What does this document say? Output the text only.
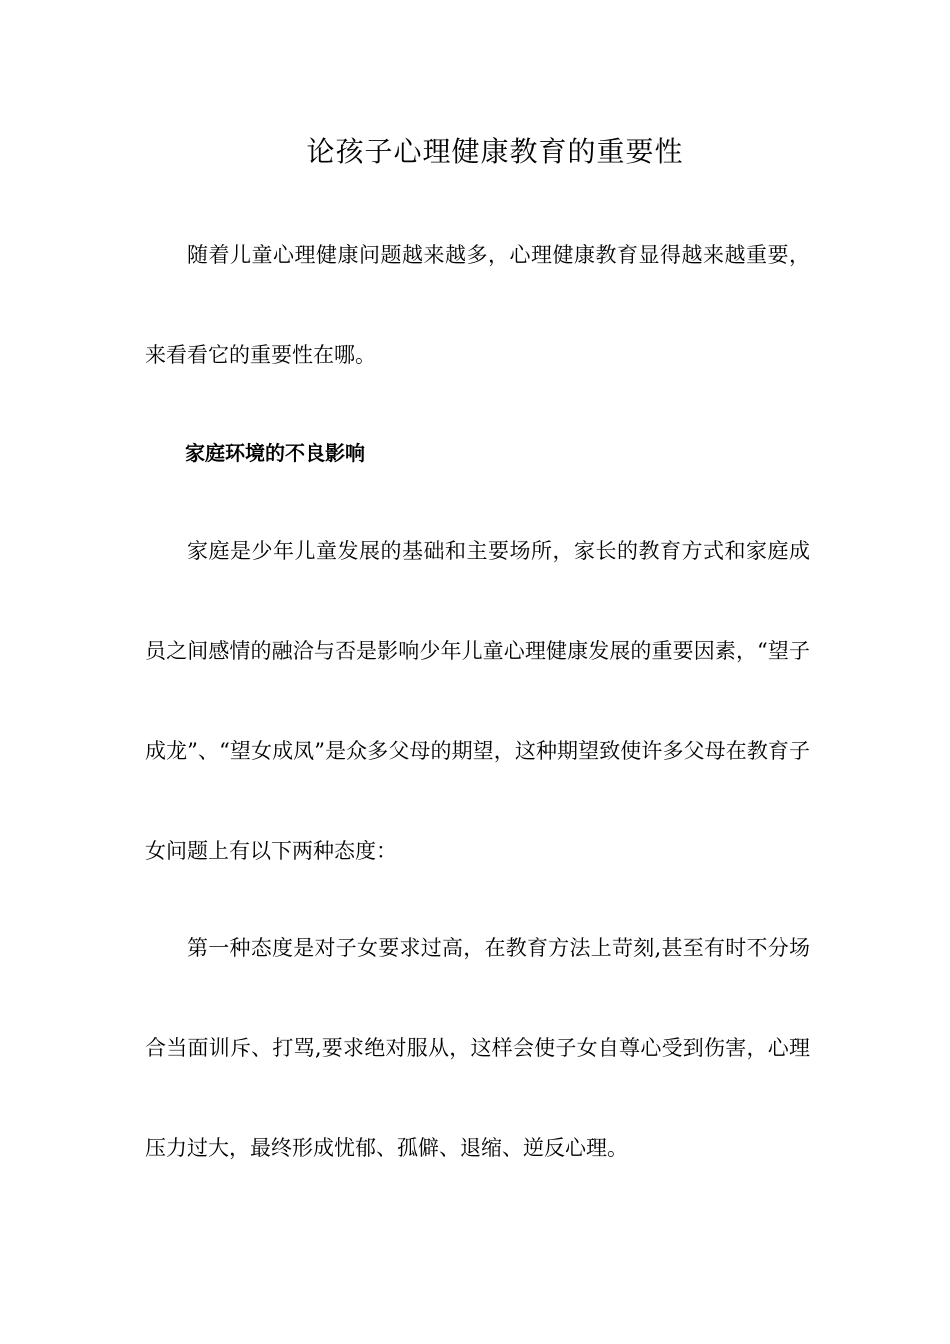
论孩子心理健康教育的重要性

随着儿童心理健康问题越来越多，心理健康教育显得越来越重要，来看看它的重要性在哪。

家庭环境的不良影响

家庭是少年儿童发展的基础和主要场所，家长的教育方式和家庭成员之间感情的融洽与否是影响少年儿童心理健康发展的重要因素，“望子成龙”、“望女成凤”是众多父母的期望，这种期望致使许多父母在教育子女问题上有以下两种态度：

第一种态度是对子女要求过高，在教育方法上苛刻,甚至有时不分场合当面训斥、打骂,要求绝对服从，这样会使子女自尊心受到伤害，心理压力过大，最终形成忧郁、孤僻、退缩、逆反心理。
